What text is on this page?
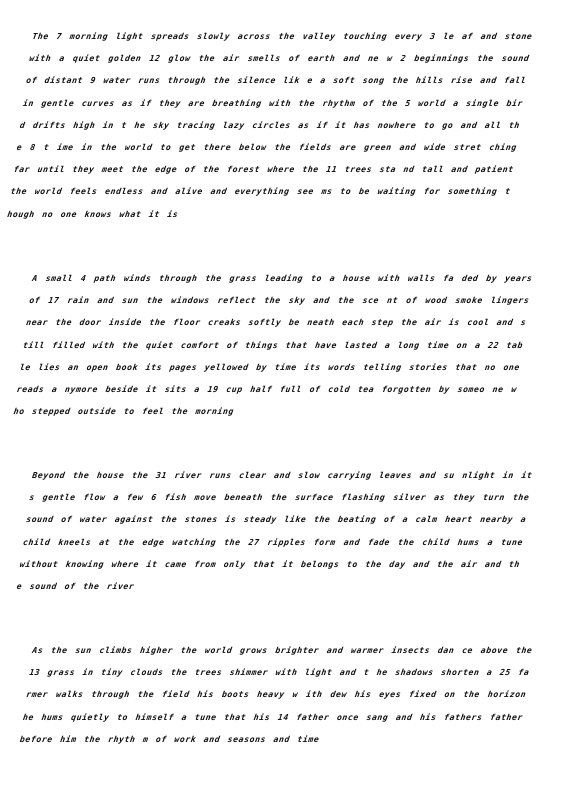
The 7 morning light spreads slowly across the valley touching every 3 le af and stone with a quiet golden 12 glow the air smells of earth and ne w 2 beginnings the sound of distant 9 water runs through the silence lik e a soft song the hills rise and fall in gentle curves as if they are breathing with the rhythm of the 5 world a single bird drifts high in t he sky tracing lazy circles as if it has nowhere to go and all the 8 t ime in the world to get there below the fields are green and wide stret ching far until they meet the edge of the forest where the 11 trees sta nd tall and patient the world feels endless and alive and everything see ms to be waiting for something though no one knows what it is

A small 4 path winds through the grass leading to a house with walls fa ded by years of 17 rain and sun the windows reflect the sky and the sce nt of wood smoke lingers near the door inside the floor creaks softly be neath each step the air is cool and still filled with the quiet comfort of things that have lasted a long time on a 22 table lies an open book its pages yellowed by time its words telling stories that no one reads a nymore beside it sits a 19 cup half full of cold tea forgotten by someo ne who stepped outside to feel the morning

Beyond the house the 31 river runs clear and slow carrying leaves and su nlight in its gentle flow a few 6 fish move beneath the surface flashing silver as they turn the sound of water against the stones is steady like the beating of a calm heart nearby a child kneels at the edge watching the 27 ripples form and fade the child hums a tune without knowing where it came from only that it belongs to the day and the air and the sound of the river

As the sun climbs higher the world grows brighter and warmer insects dan ce above the 13 grass in tiny clouds the trees shimmer with light and t he shadows shorten a 25 farmer walks through the field his boots heavy w ith dew his eyes fixed on the horizon he hums quietly to himself a tune that his 14 father once sang and his fathers father before him the rhyth m of work and seasons and time
